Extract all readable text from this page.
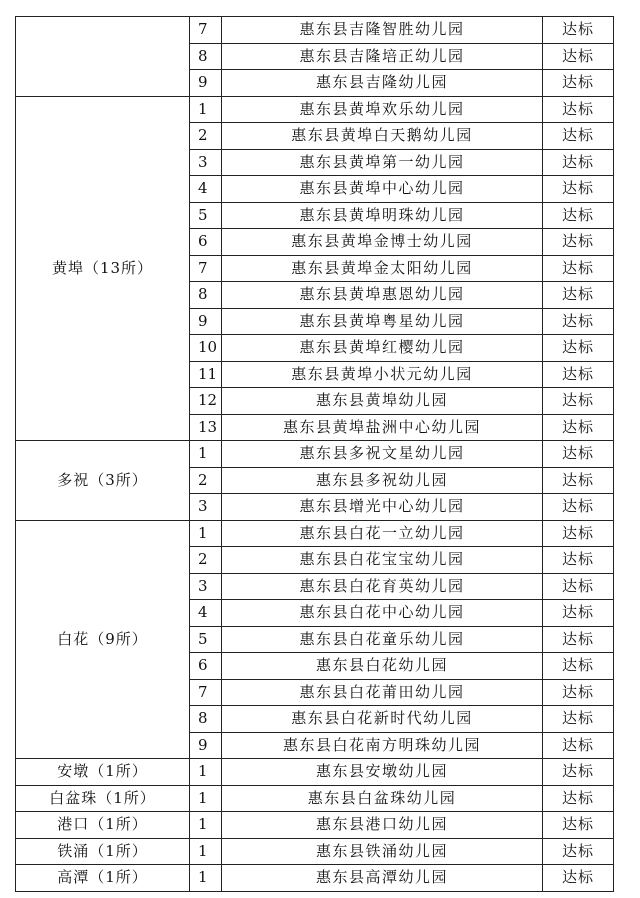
	7	惠东县吉隆智胜幼儿园	达标
	8	惠东县吉隆培正幼儿园	达标
	9	惠东县吉隆幼儿园	达标
黄埠（13所）	1	惠东县黄埠欢乐幼儿园	达标
	2	惠东县黄埠白天鹅幼儿园	达标
	3	惠东县黄埠第一幼儿园	达标
	4	惠东县黄埠中心幼儿园	达标
	5	惠东县黄埠明珠幼儿园	达标
	6	惠东县黄埠金博士幼儿园	达标
	7	惠东县黄埠金太阳幼儿园	达标
	8	惠东县黄埠惠恩幼儿园	达标
	9	惠东县黄埠粤星幼儿园	达标
	10	惠东县黄埠红樱幼儿园	达标
	11	惠东县黄埠小状元幼儿园	达标
	12	惠东县黄埠幼儿园	达标
	13	惠东县黄埠盐洲中心幼儿园	达标
多祝（3所）	1	惠东县多祝文星幼儿园	达标
	2	惠东县多祝幼儿园	达标
	3	惠东县增光中心幼儿园	达标
白花（9所）	1	惠东县白花一立幼儿园	达标
	2	惠东县白花宝宝幼儿园	达标
	3	惠东县白花育英幼儿园	达标
	4	惠东县白花中心幼儿园	达标
	5	惠东县白花童乐幼儿园	达标
	6	惠东县白花幼儿园	达标
	7	惠东县白花莆田幼儿园	达标
	8	惠东县白花新时代幼儿园	达标
	9	惠东县白花南方明珠幼儿园	达标
安墩（1所）	1	惠东县安墩幼儿园	达标
白盆珠（1所）	1	惠东县白盆珠幼儿园	达标
港口（1所）	1	惠东县港口幼儿园	达标
铁涌（1所）	1	惠东县铁涌幼儿园	达标
高潭（1所）	1	惠东县高潭幼儿园	达标
